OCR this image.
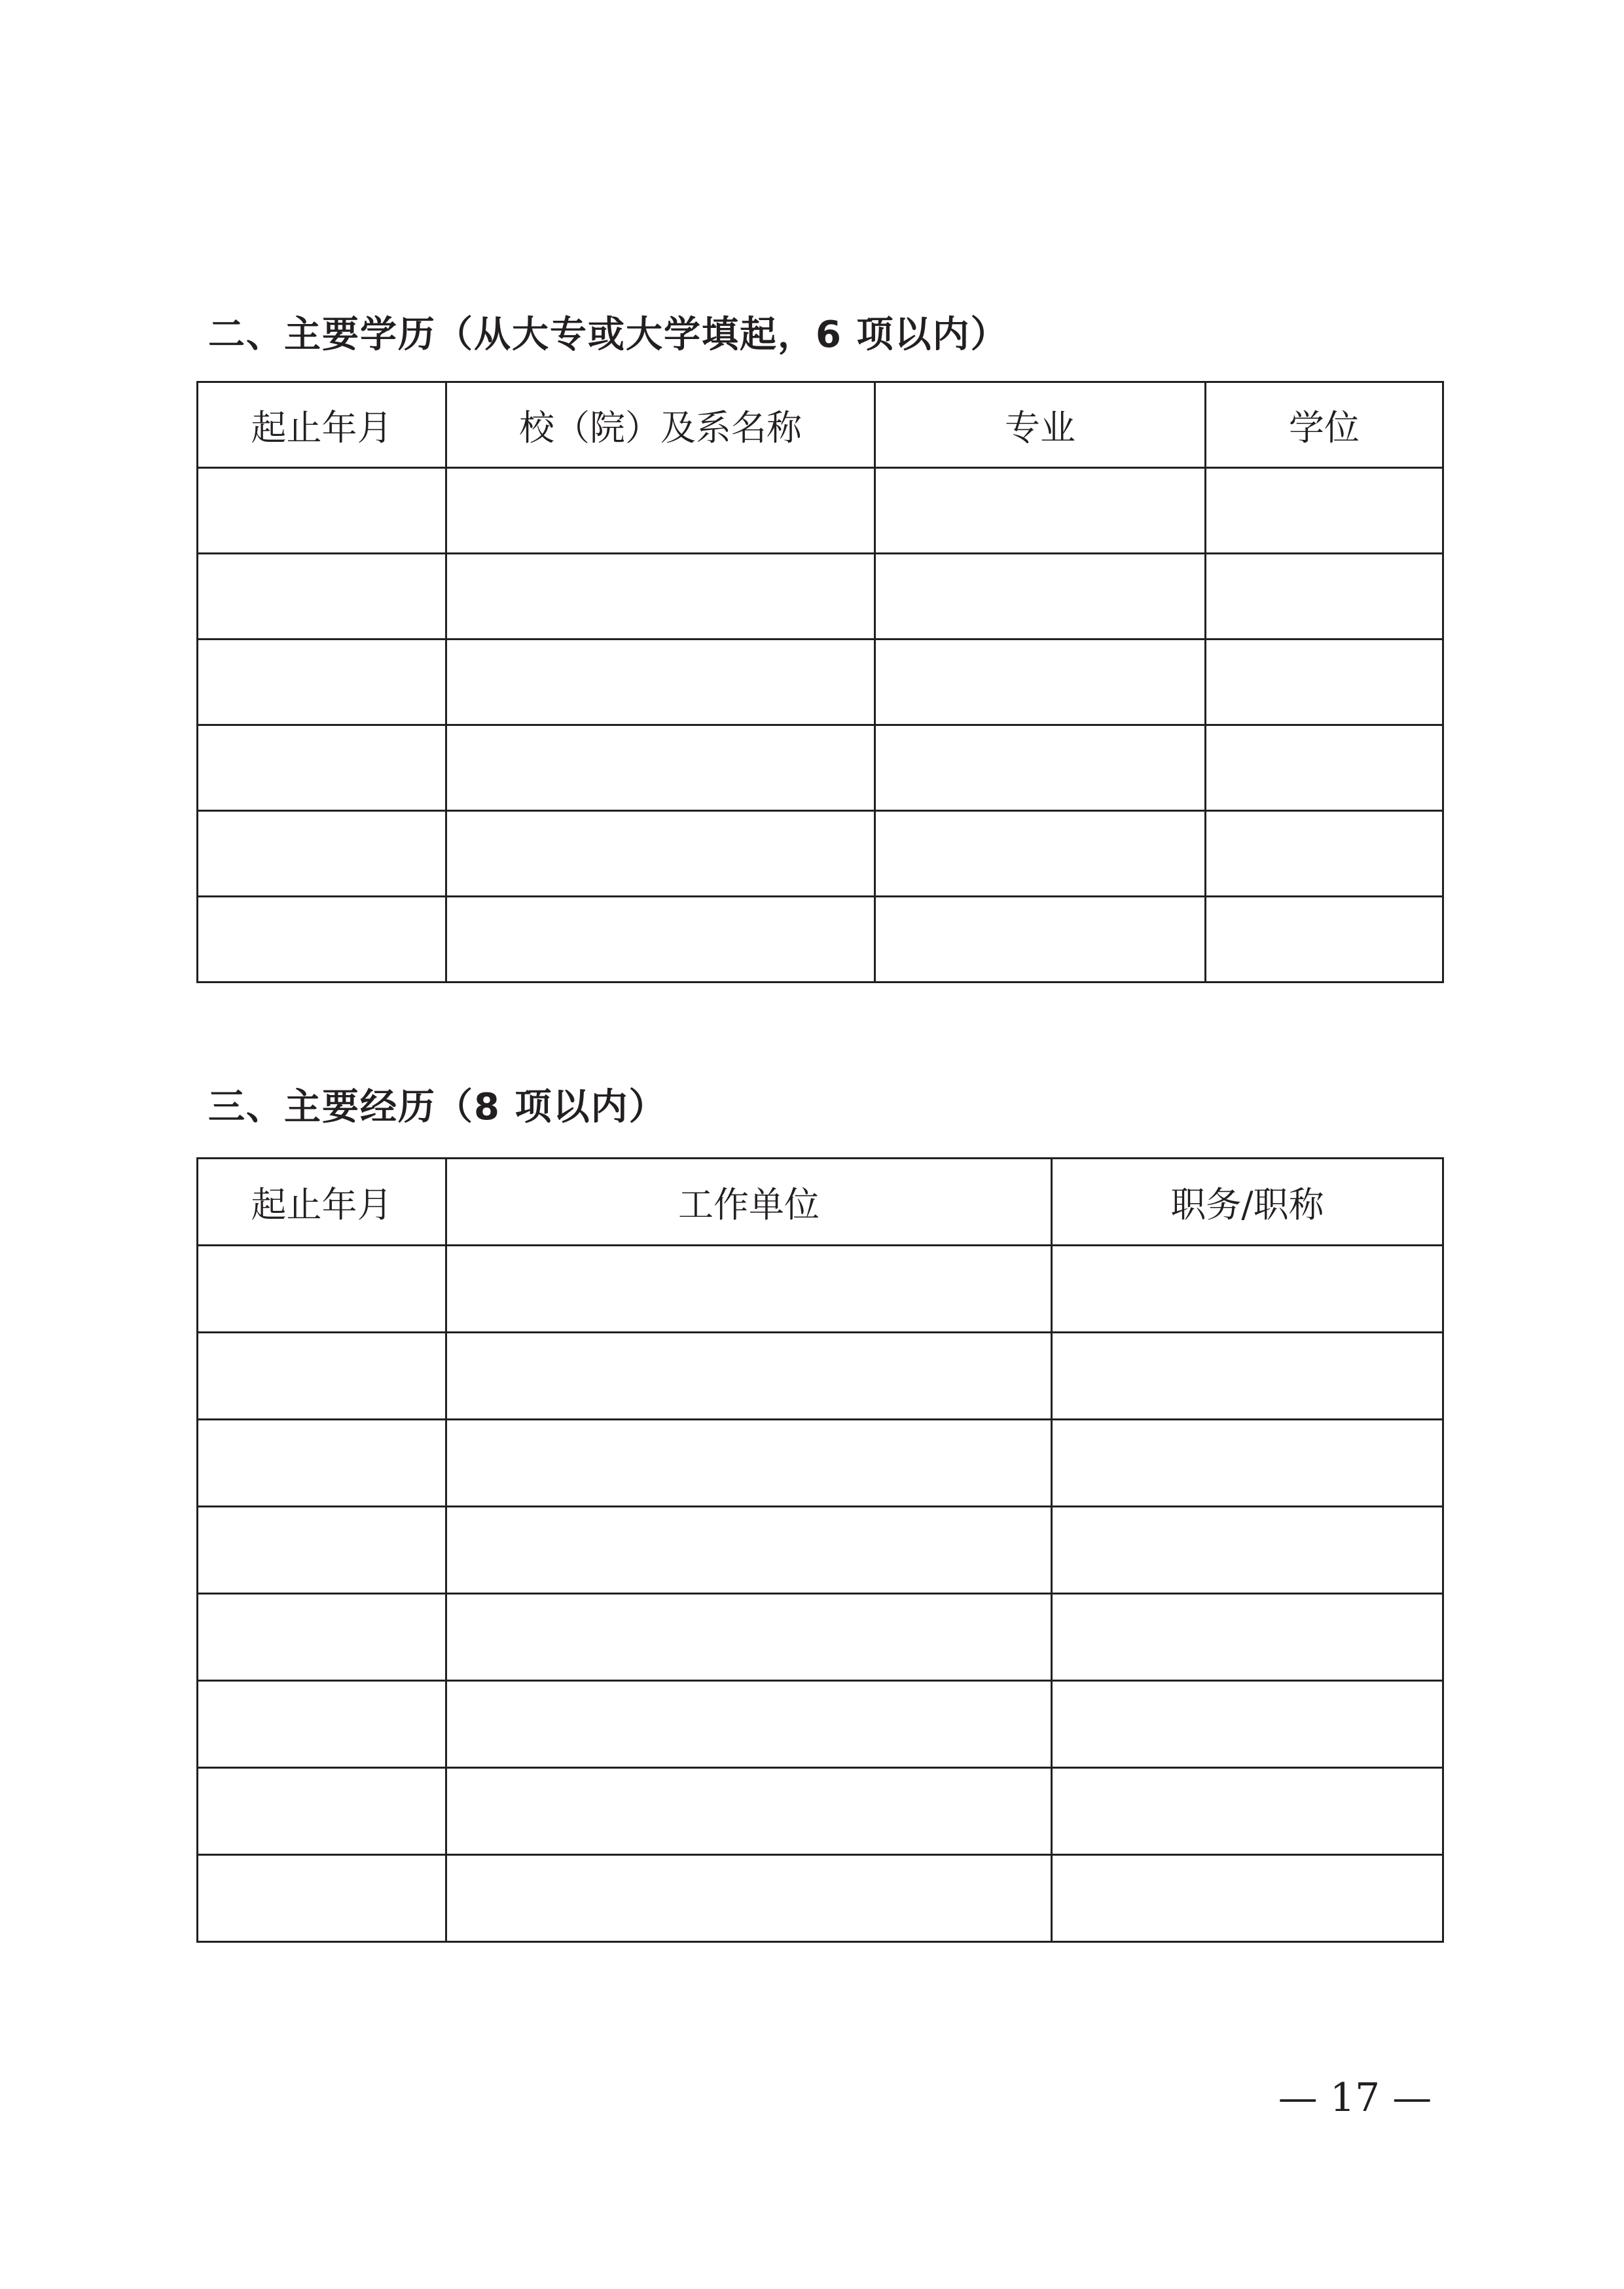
二、主要学历（从大专或大学填起，6 项以内）
起止年月	校（院）及系名称	专业	学位

三、主要经历（8 项以内）
起止年月	工作单位	职务/职称

— 17 —
